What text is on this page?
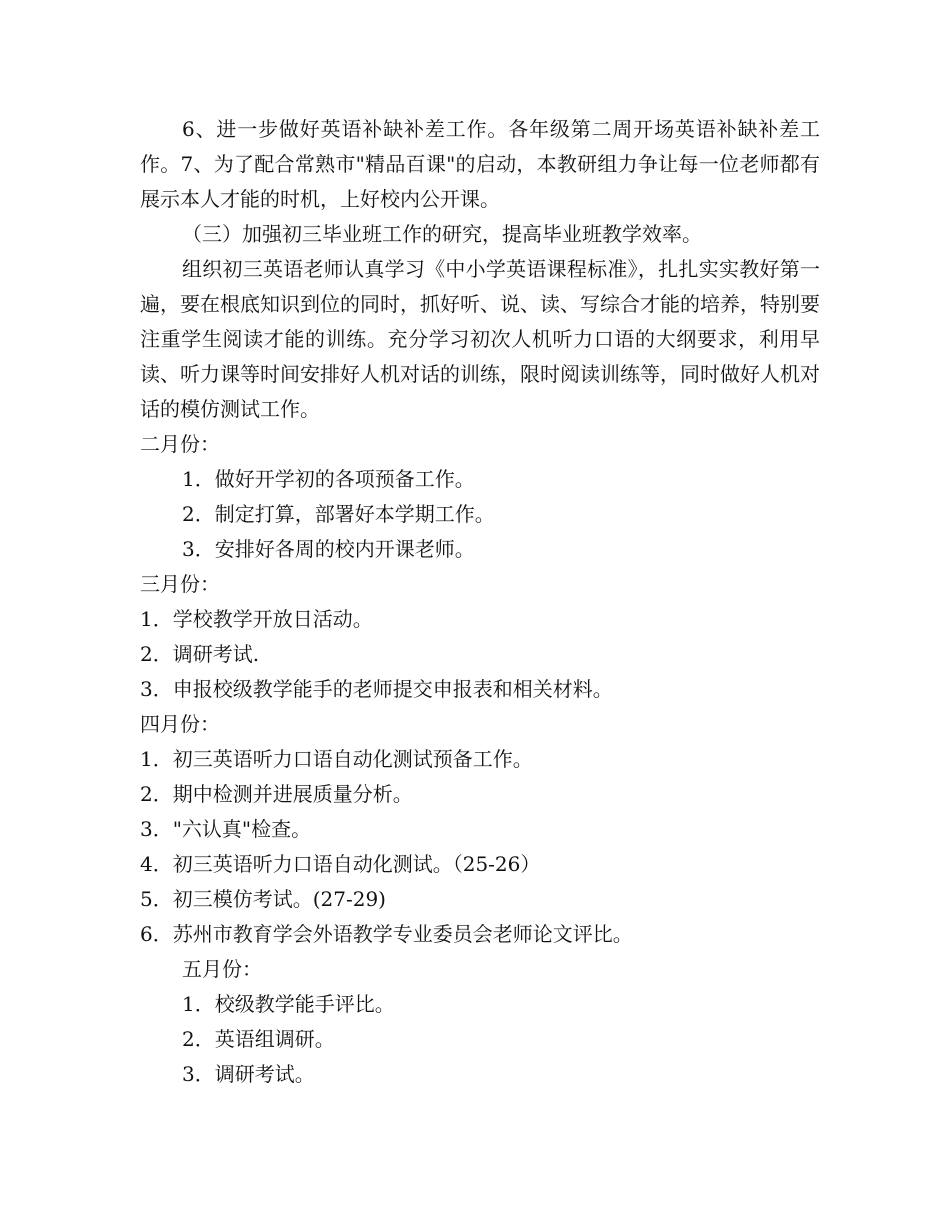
6、进一步做好英语补缺补差工作。各年级第二周开场英语补缺补差工作。7、为了配合常熟市"精品百课"的启动，本教研组力争让每一位老师都有展示本人才能的时机，上好校内公开课。

（三）加强初三毕业班工作的研究，提高毕业班教学效率。

组织初三英语老师认真学习《中小学英语课程标准》，扎扎实实教好第一遍，要在根底知识到位的同时，抓好听、说、读、写综合才能的培养，特别要注重学生阅读才能的训练。充分学习初次人机听力口语的大纲要求，利用早读、听力课等时间安排好人机对话的训练，限时阅读训练等，同时做好人机对话的模仿测试工作。

二月份：

1．做好开学初的各项预备工作。

2．制定打算，部署好本学期工作。

3．安排好各周的校内开课老师。

三月份：

1．学校教学开放日活动。

2．调研考试.

3．申报校级教学能手的老师提交申报表和相关材料。

四月份：

1．初三英语听力口语自动化测试预备工作。

2．期中检测并进展质量分析。

3．"六认真"检查。

4．初三英语听力口语自动化测试。（25-26）

5．初三模仿考试。(27-29)

6．苏州市教育学会外语教学专业委员会老师论文评比。

五月份：

1．校级教学能手评比。

2．英语组调研。

3．调研考试。
